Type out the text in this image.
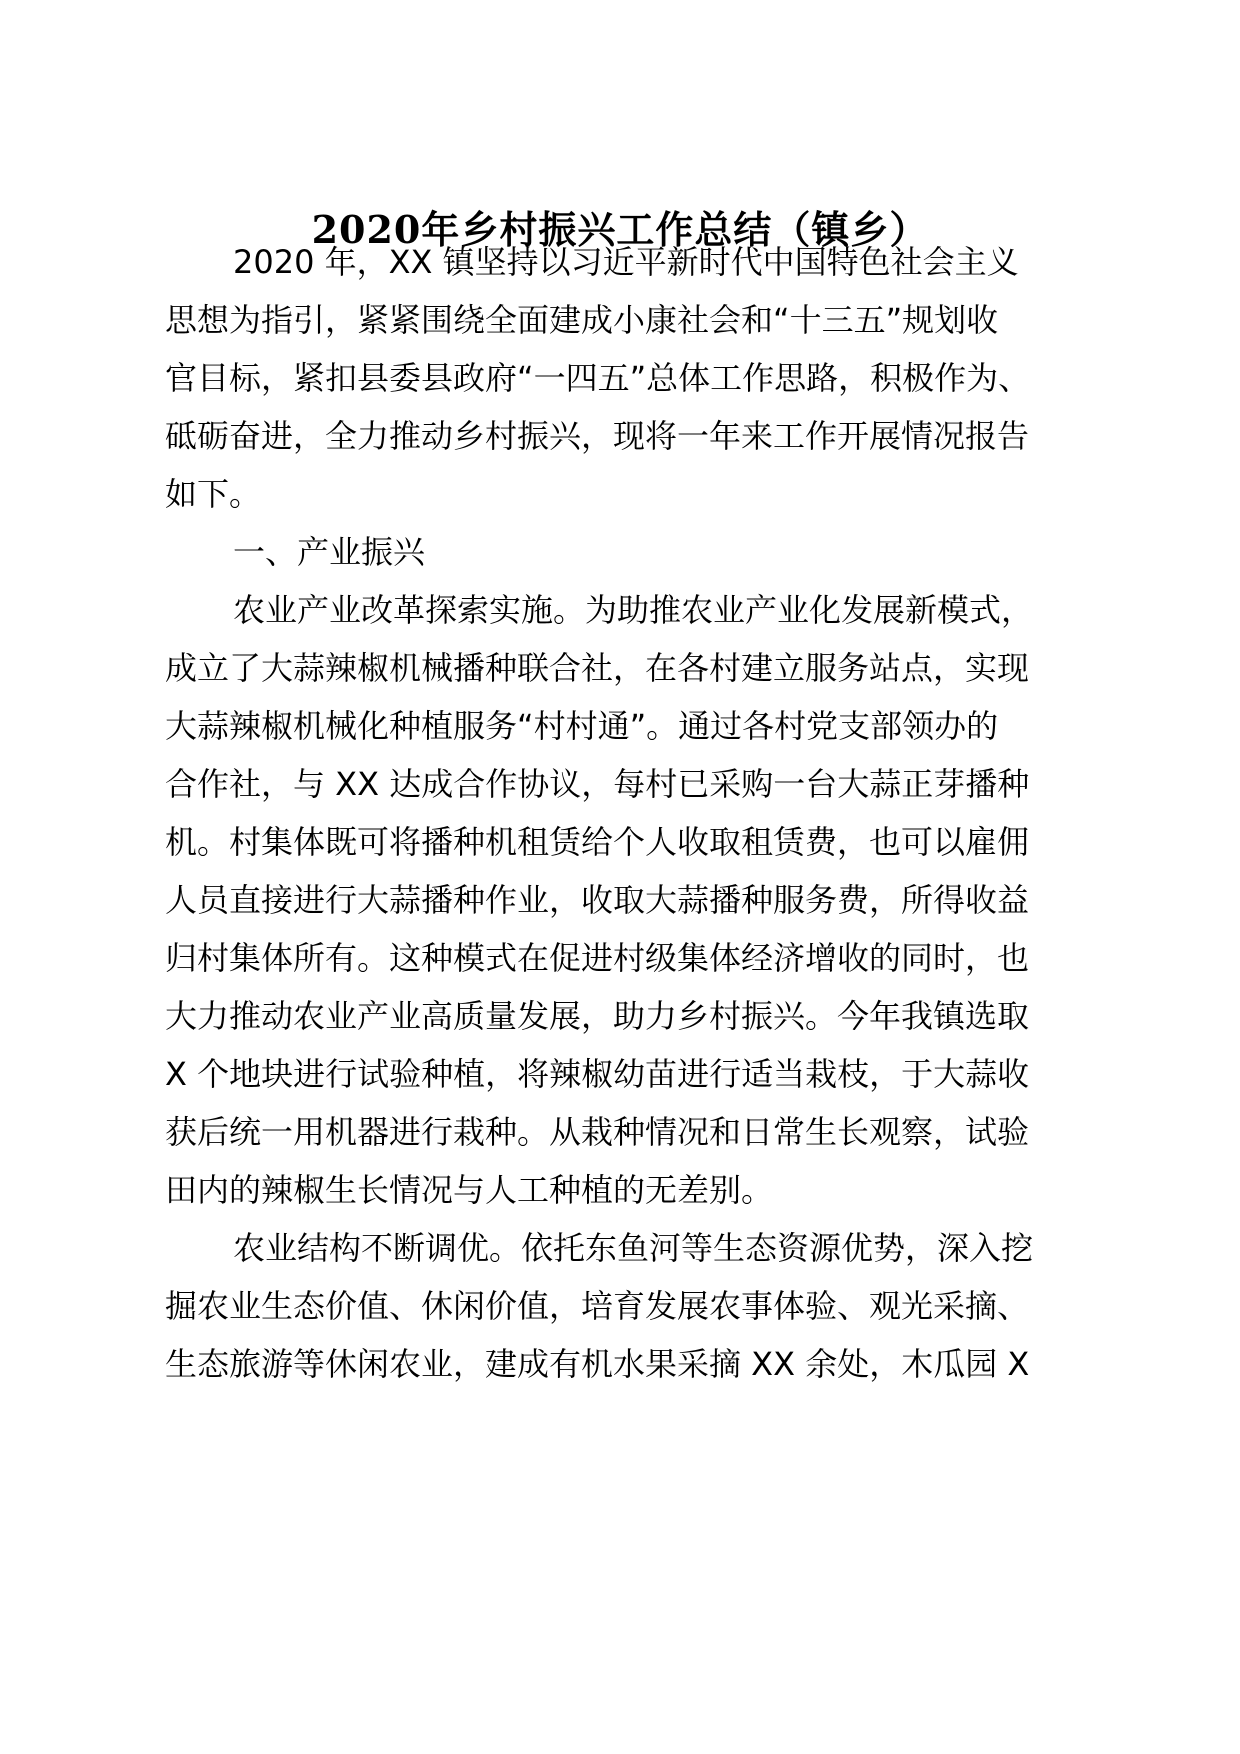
2020年乡村振兴工作总结（镇乡）

2020 年，XX 镇坚持以习近平新时代中国特色社会主义

思想为指引，紧紧围绕全面建成小康社会和“十三五”规划收

官目标，紧扣县委县政府“一四五”总体工作思路，积极作为、

砥砺奋进，全力推动乡村振兴，现将一年来工作开展情况报告

如下。

一、产业振兴

农业产业改革探索实施。为助推农业产业化发展新模式，

成立了大蒜辣椒机械播种联合社，在各村建立服务站点，实现

大蒜辣椒机械化种植服务“村村通”。通过各村党支部领办的

合作社，与 XX 达成合作协议，每村已采购一台大蒜正芽播种

机。村集体既可将播种机租赁给个人收取租赁费，也可以雇佣

人员直接进行大蒜播种作业，收取大蒜播种服务费，所得收益

归村集体所有。这种模式在促进村级集体经济增收的同时，也

大力推动农业产业高质量发展，助力乡村振兴。今年我镇选取

X 个地块进行试验种植，将辣椒幼苗进行适当栽枝，于大蒜收

获后统一用机器进行栽种。从栽种情况和日常生长观察，试验

田内的辣椒生长情况与人工种植的无差别。

农业结构不断调优。依托东鱼河等生态资源优势，深入挖

掘农业生态价值、休闲价值，培育发展农事体验、观光采摘、

生态旅游等休闲农业，建成有机水果采摘 XX 余处，木瓜园 X
